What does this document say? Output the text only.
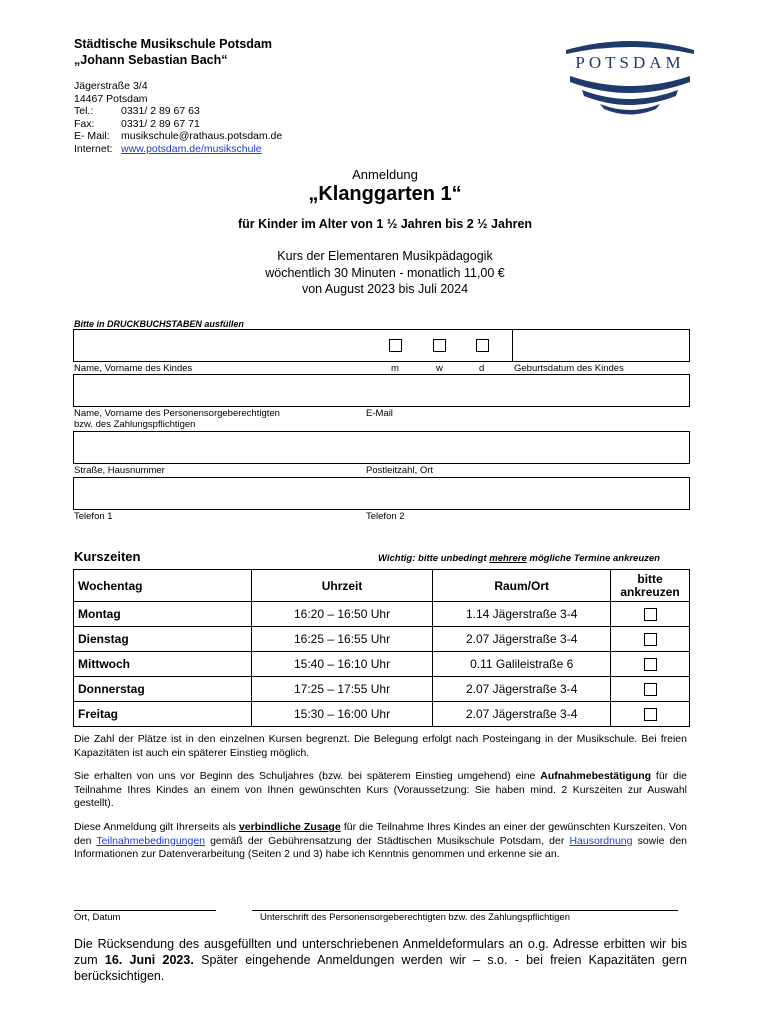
Städtische Musikschule Potsdam
„Johann Sebastian Bach“
Jägerstraße 3/4
14467 Potsdam
Tel.:	0331/ 2 89 67 63
Fax:	0331/ 2 89 67 71
E- Mail:	musikschule@rathaus.potsdam.de
Internet: www.potsdam.de/musikschule
POTSDAM
Anmeldung
„Klanggarten 1“
für Kinder im Alter von 1 ½ Jahren bis 2 ½ Jahren
Kurs der Elementaren Musikpädagogik
wöchentlich 30 Minuten - monatlich 11,00 €
von August 2023 bis Juli 2024
Bitte in DRUCKBUCHSTABEN ausfüllen
Name, Vorname des Kindes	m	w	d	Geburtsdatum des Kindes
Name, Vorname des Personensorgeberechtigten
bzw. des Zahlungspflichtigen
E-Mail
Straße, Hausnummer	Postleitzahl, Ort
Telefon 1	Telefon 2
Kurszeiten	Wichtig: bitte unbedingt mehrere mögliche Termine ankreuzen
Wochentag	Uhrzeit	Raum/Ort	bitte
ankreuzen

Montag	16:20 – 16:50 Uhr	1.14 Jägerstraße 3-4	
Dienstag	16:25 – 16:55 Uhr	2.07 Jägerstraße 3-4	
Mittwoch	15:40 – 16:10 Uhr	0.11 Galileistraße 6	
Donnerstag	17:25 – 17:55 Uhr	2.07 Jägerstraße 3-4	
Freitag	15:30 – 16:00 Uhr	2.07 Jägerstraße 3-4	
Die Zahl der Plätze ist in den einzelnen Kursen begrenzt. Die Belegung erfolgt nach Posteingang in der Musikschule. Bei freien Kapazitäten ist auch ein späterer Einstieg möglich.
Sie erhalten von uns vor Beginn des Schuljahres (bzw. bei späterem Einstieg umgehend) eine Aufnahmebestätigung für die Teilnahme Ihres Kindes an einem von Ihnen gewünschten Kurs (Voraussetzung: Sie haben mind. 2 Kurszeiten zur Auswahl gestellt).
Diese Anmeldung gilt Ihrerseits als verbindliche Zusage für die Teilnahme Ihres Kindes an einer der gewünschten Kurszeiten. Von den Teilnahmebedingungen gemäß der Gebührensatzung der Städtischen Musikschule Potsdam, der Hausordnung sowie den Informationen zur Datenverarbeitung (Seiten 2 und 3) habe ich Kenntnis genommen und erkenne sie an.
Ort, Datum	Unterschrift des Personensorgeberechtigten bzw. des Zahlungspflichtigen
Die Rücksendung des ausgefüllten und unterschriebenen Anmeldeformulars an o.g. Adresse erbitten wir bis zum 16. Juni 2023. Später eingehende Anmeldungen werden wir – s.o. - bei freien Kapazitäten gern berücksichtigen.
